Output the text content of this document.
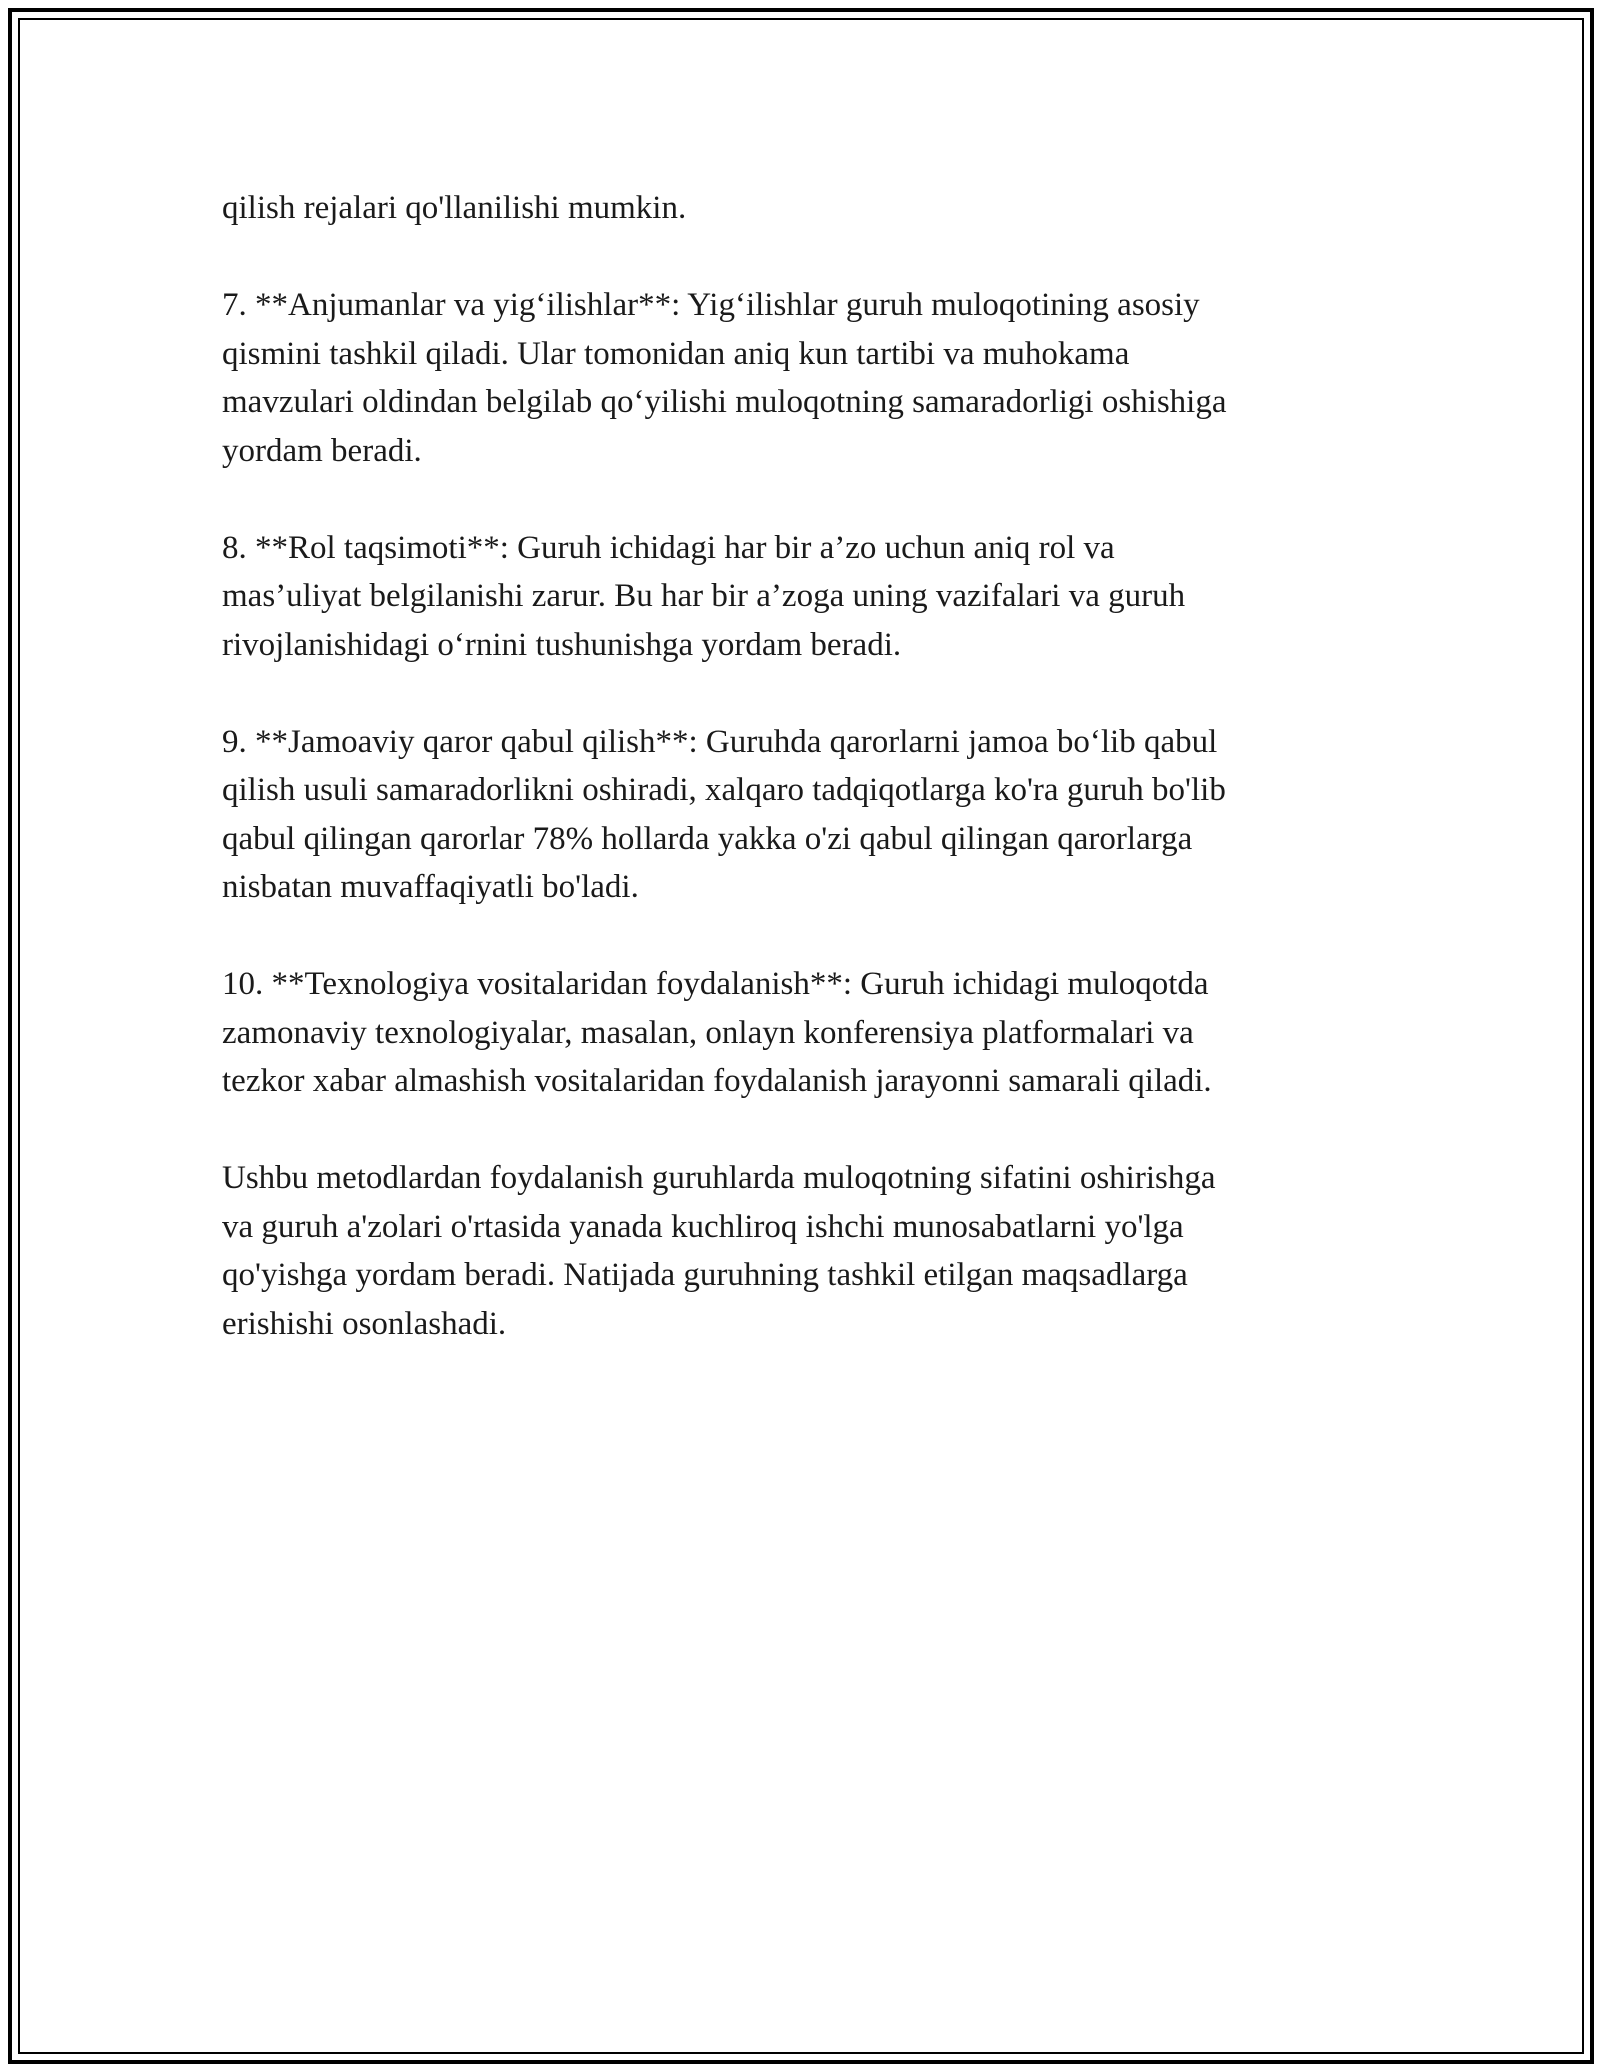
qilish rejalari qo'llanilishi mumkin.

7. **Anjumanlar va yig‘ilishlar**: Yig‘ilishlar guruh muloqotining asosiy
qismini tashkil qiladi. Ular tomonidan aniq kun tartibi va muhokama
mavzulari oldindan belgilab qo‘yilishi muloqotning samaradorligi oshishiga
yordam beradi.

8. **Rol taqsimoti**: Guruh ichidagi har bir a’zo uchun aniq rol va
mas’uliyat belgilanishi zarur. Bu har bir a’zoga uning vazifalari va guruh
rivojlanishidagi o‘rnini tushunishga yordam beradi.

9. **Jamoaviy qaror qabul qilish**: Guruhda qarorlarni jamoa bo‘lib qabul
qilish usuli samaradorlikni oshiradi, xalqaro tadqiqotlarga ko'ra guruh bo'lib
qabul qilingan qarorlar 78% hollarda yakka o'zi qabul qilingan qarorlarga
nisbatan muvaffaqiyatli bo'ladi.

10. **Texnologiya vositalaridan foydalanish**: Guruh ichidagi muloqotda
zamonaviy texnologiyalar, masalan, onlayn konferensiya platformalari va
tezkor xabar almashish vositalaridan foydalanish jarayonni samarali qiladi.

Ushbu metodlardan foydalanish guruhlarda muloqotning sifatini oshirishga
va guruh a'zolari o'rtasida yanada kuchliroq ishchi munosabatlarni yo'lga
qo'yishga yordam beradi. Natijada guruhning tashkil etilgan maqsadlarga
erishishi osonlashadi.
